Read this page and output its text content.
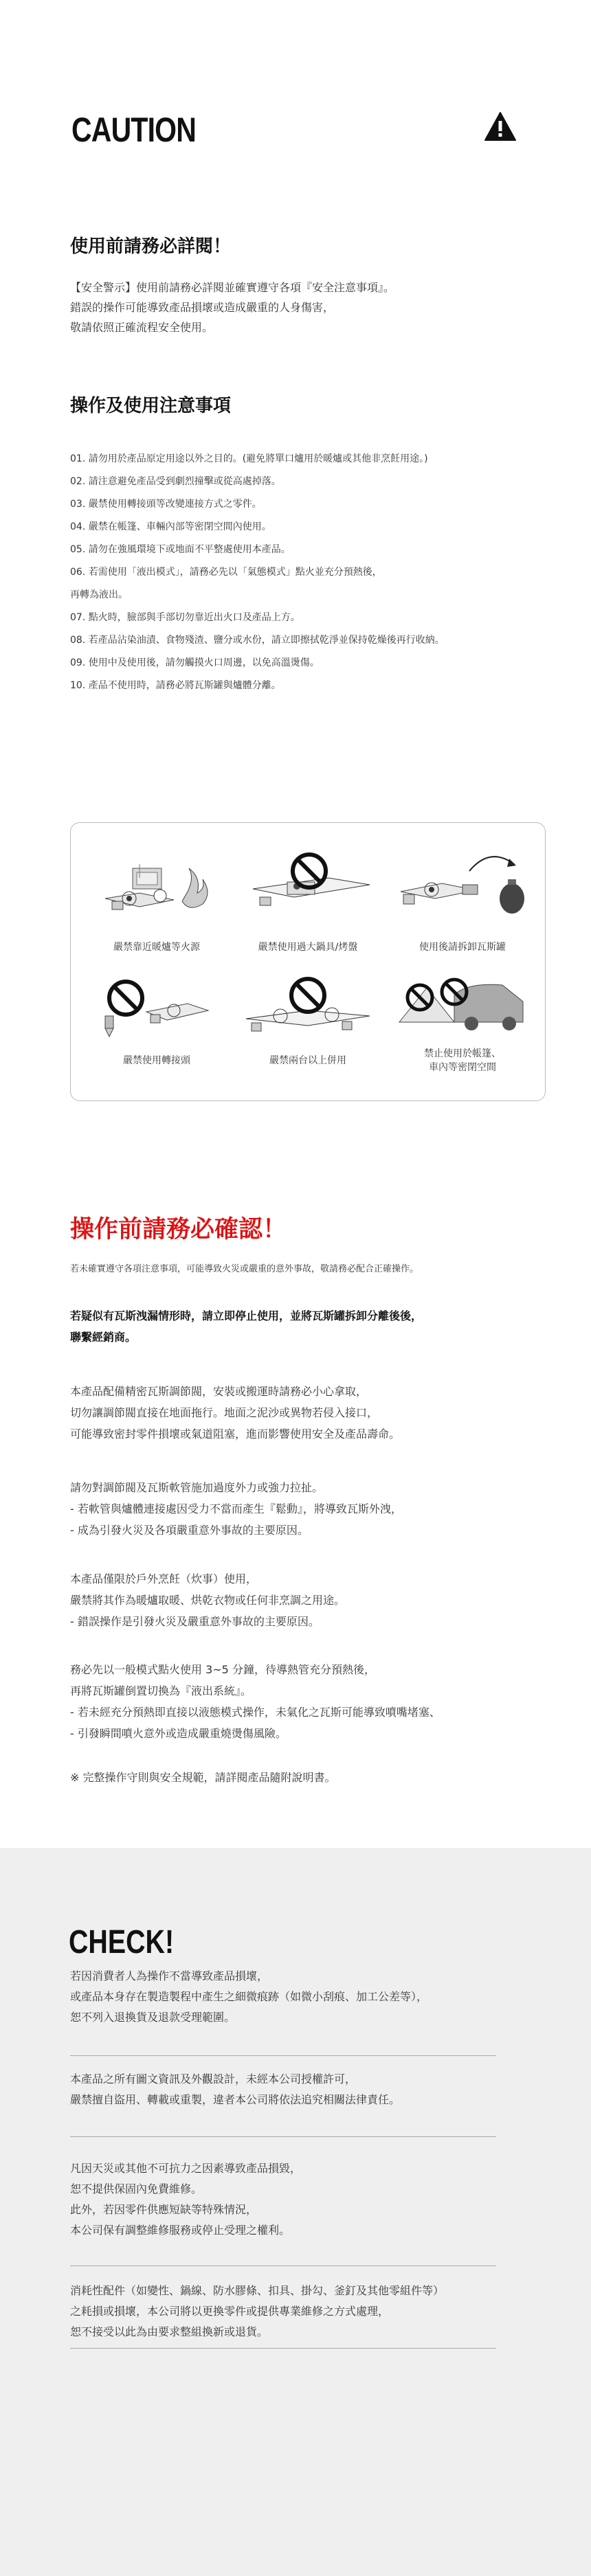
CAUTION
使用前請務必詳閱！
【安全警示】使用前請務必詳閱並確實遵守各項『安全注意事項』。
錯誤的操作可能導致產品損壞或造成嚴重的人身傷害，
敬請依照正確流程安全使用。
操作及使用注意事項
01. 請勿用於產品原定用途以外之目的。(避免將單口爐用於暖爐或其他非烹飪用途。)
02. 請注意避免產品受到劇烈撞擊或從高處掉落。
03. 嚴禁使用轉接頭等改變連接方式之零件。
04. 嚴禁在帳篷、車輛內部等密閉空間內使用。
05. 請勿在強風環境下或地面不平整處使用本產品。
06. 若需使用「液出模式」，請務必先以「氣態模式」點火並充分預熱後，
再轉為液出。
07. 點火時，臉部與手部切勿靠近出火口及產品上方。
08. 若產品沾染油漬、食物殘渣、鹽分或水份，請立即擦拭乾淨並保持乾燥後再行收納。
09. 使用中及使用後，請勿觸摸火口周邊，以免高溫燙傷。
10. 產品不使用時，請務必將瓦斯罐與爐體分離。
嚴禁靠近暖爐等火源	嚴禁使用過大鍋具/烤盤	使用後請拆卸瓦斯罐
嚴禁使用轉接頭	嚴禁兩台以上併用
禁止使用於帳篷、
車內等密閉空間
操作前請務必確認！
若未確實遵守各項注意事項，可能導致火災或嚴重的意外事故，敬請務必配合正確操作。
若疑似有瓦斯洩漏情形時，請立即停止使用，並將瓦斯罐拆卸分離後後，
聯繫經銷商。
本產品配備精密瓦斯調節閥，安裝或搬運時請務必小心拿取，
切勿讓調節閥直接在地面拖行。地面之泥沙或異物若侵入接口，
可能導致密封零件損壞或氣道阻塞，進而影響使用安全及產品壽命。
請勿對調節閥及瓦斯軟管施加過度外力或強力拉扯。
- 若軟管與爐體連接處因受力不當而產生『鬆動』，將導致瓦斯外洩，
- 成為引發火災及各項嚴重意外事故的主要原因。
本產品僅限於戶外烹飪（炊事）使用，
嚴禁將其作為暖爐取暖、烘乾衣物或任何非烹調之用途。
- 錯誤操作是引發火災及嚴重意外事故的主要原因。
務必先以一般模式點火使用 3~5 分鐘，待導熱管充分預熱後，
再將瓦斯罐倒置切換為『液出系統』。
- 若未經充分預熱即直接以液態模式操作，未氣化之瓦斯可能導致噴嘴堵塞、
- 引發瞬間噴火意外或造成嚴重燒燙傷風險。
※ 完整操作守則與安全規範，請詳閱產品隨附說明書。
CHECK!
若因消費者人為操作不當導致產品損壞，
或產品本身存在製造製程中產生之細微痕跡（如微小刮痕、加工公差等），
恕不列入退換貨及退款受理範圍。
本產品之所有圖文資訊及外觀設計，未經本公司授權許可，
嚴禁擅自盜用、轉載或重製，違者本公司將依法追究相關法律責任。
凡因天災或其他不可抗力之因素導致產品損毀，
恕不提供保固內免費維修。
此外，若因零件供應短缺等特殊情況，
本公司保有調整維修服務或停止受理之權利。
消耗性配件（如變性、鍋線、防水膠條、扣具、掛勾、釜釘及其他零組件等）
之耗損或損壞，本公司將以更換零件或提供專業維修之方式處理，
恕不接受以此為由要求整組換新或退貨。
